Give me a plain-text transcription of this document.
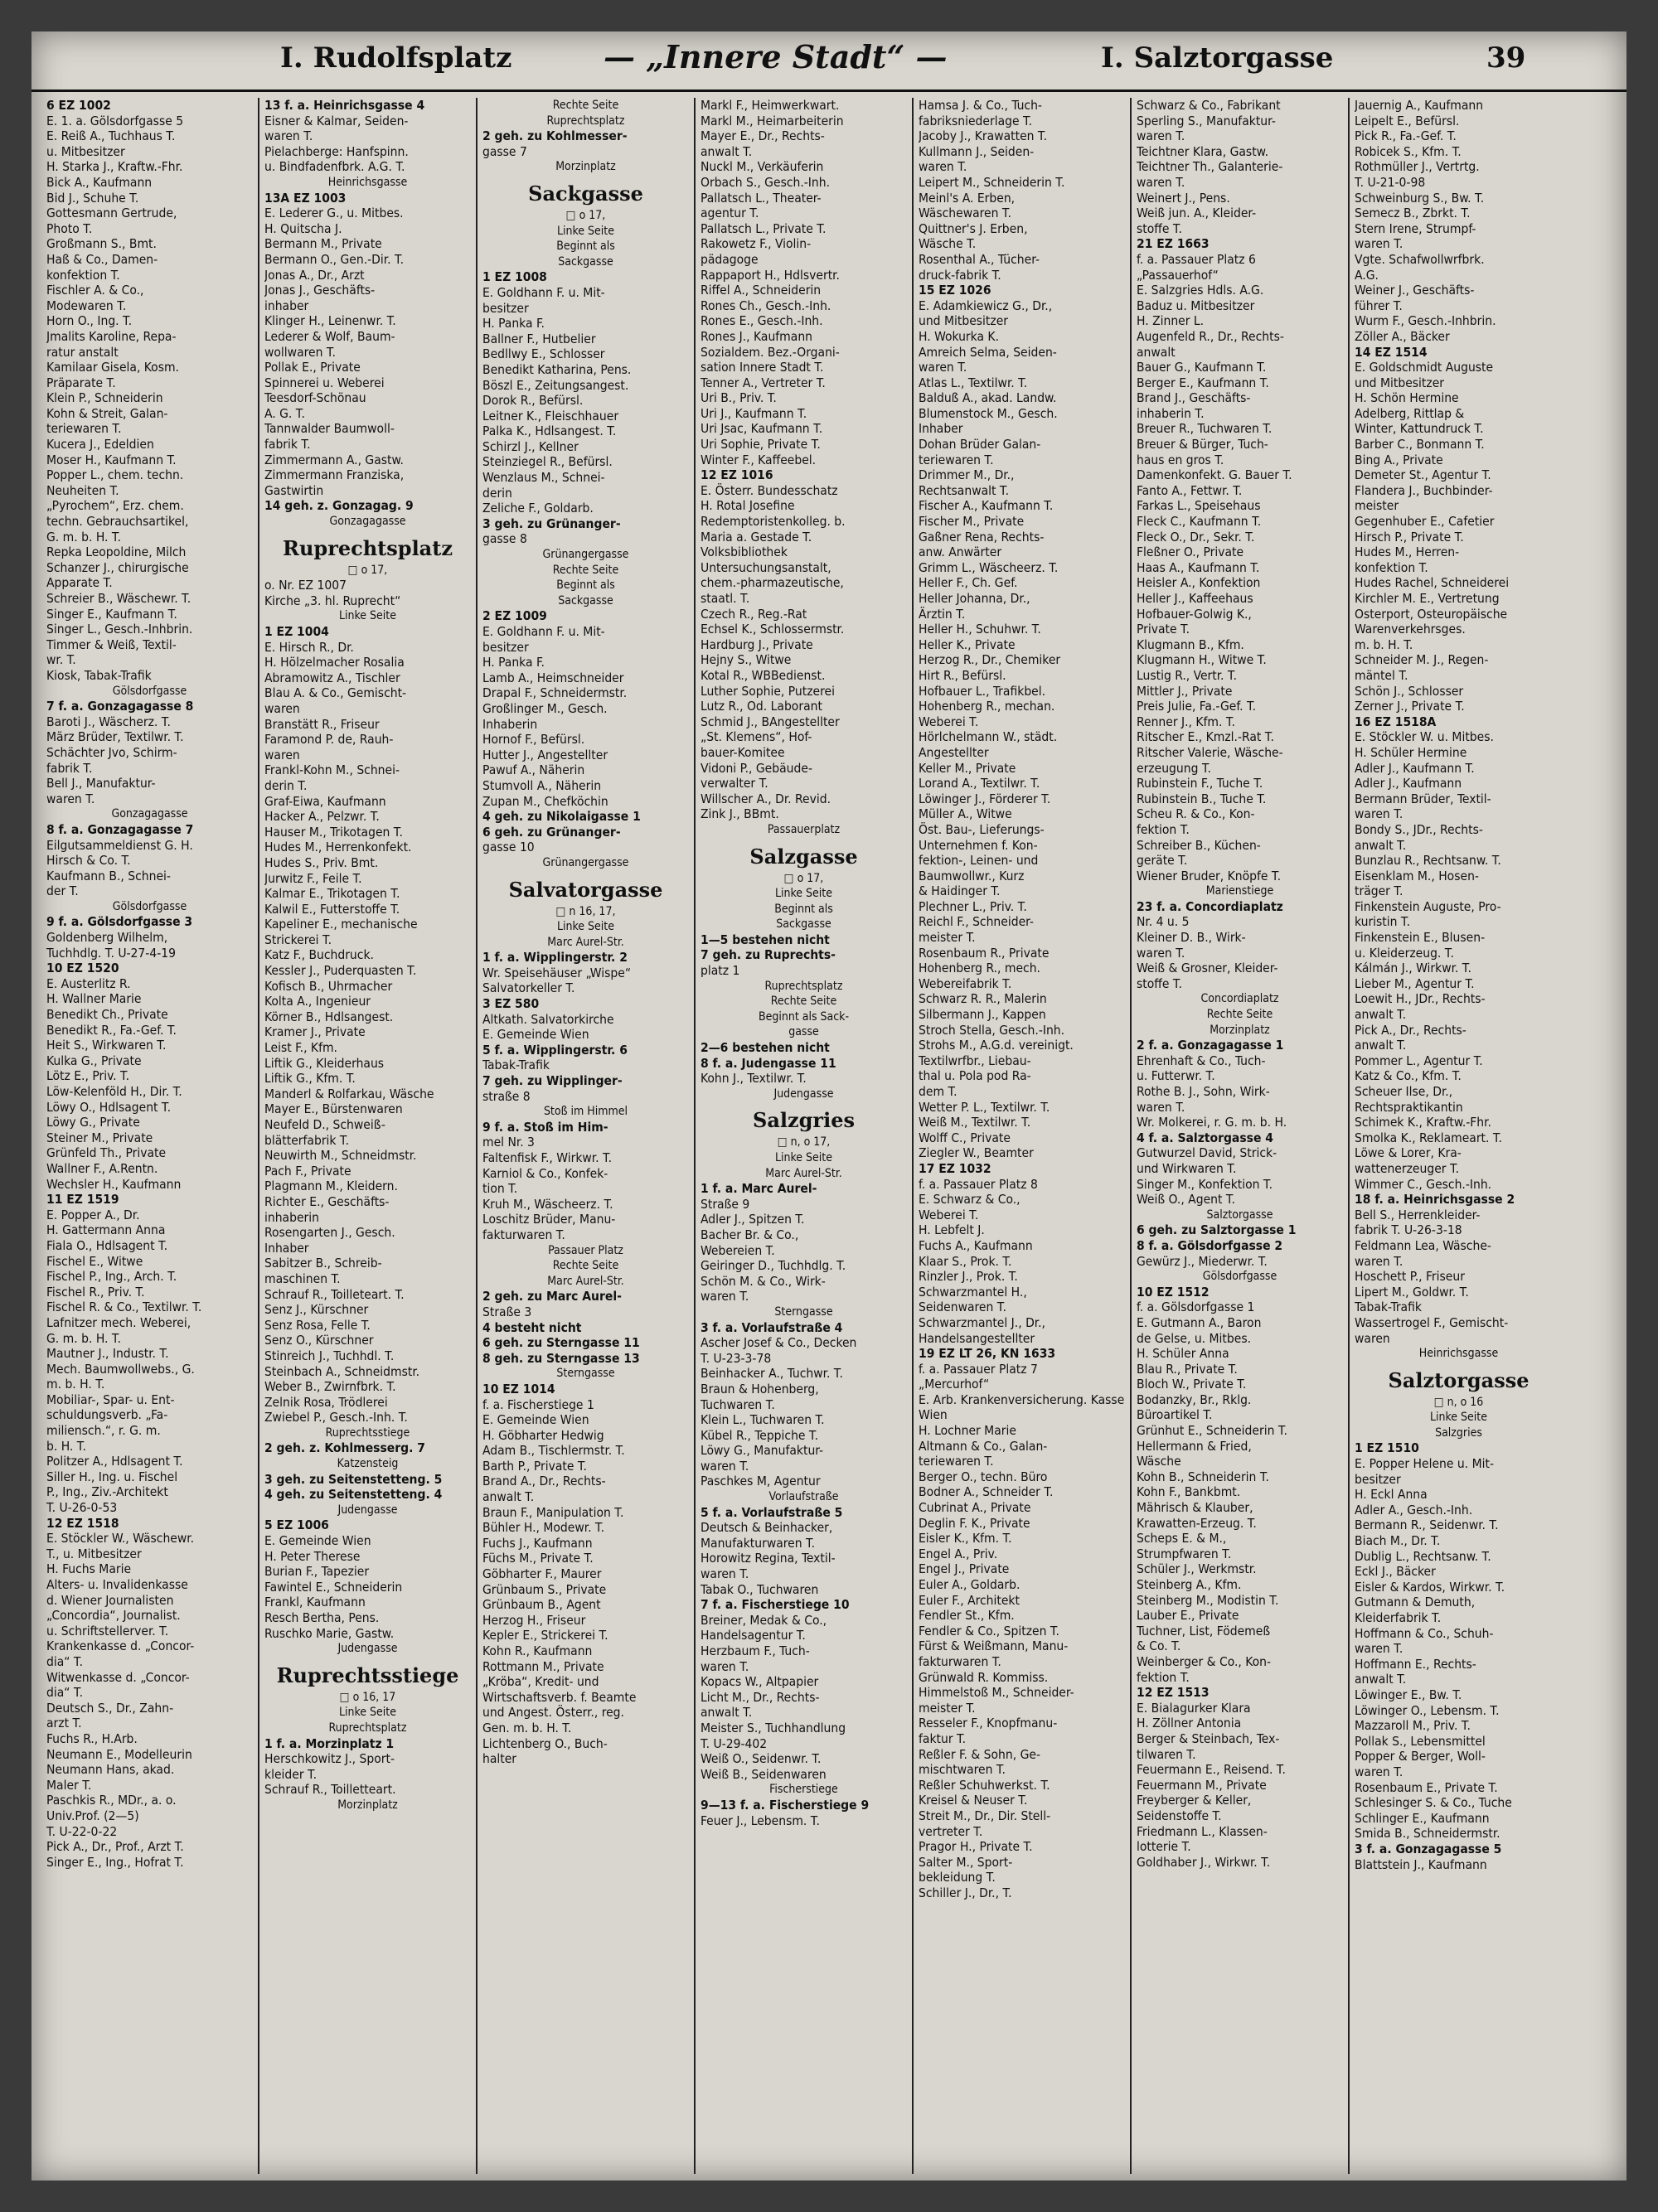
I. Rudolfsplatz	— „Innere Stadt“ —	I. Salztorgasse	39
6 EZ 1002
E. 1. a. Gölsdorfgasse 5
E. Reiß A., Tuchhaus T.
u. Mitbesitzer
H. Starka J., Kraftw.-Fhr.
Bick A., Kaufmann
Bid J., Schuhe T.
Gottesmann Gertrude,
Photo T.
Großmann S., Bmt.
Haß & Co., Damen-
konfektion T.
Fischler A. & Co.,
Modewaren T.
Horn O., Ing. T.
Jmalits Karoline, Repa-
ratur anstalt
Kamilaar Gisela, Kosm.
Präparate T.
Klein P., Schneiderin
Kohn & Streit, Galan-
teriewaren T.
Kucera J., Edeldien
Moser H., Kaufmann T.
Popper L., chem. techn.
Neuheiten T.
„Pyrochem“, Erz. chem.
techn. Gebrauchsartikel,
G. m. b. H. T.
Repka Leopoldine, Milch
Schanzer J., chirurgische
Apparate T.
Schreier B., Wäschewr. T.
Singer E., Kaufmann T.
Singer L., Gesch.-Inhbrin.
Timmer & Weiß, Textil-
wr. T.
Kiosk, Tabak-Trafik
Gölsdorfgasse
7 f. a. Gonzagagasse 8
Baroti J., Wäscherz. T.
März Brüder, Textilwr. T.
Schächter Jvo, Schirm-
fabrik T.
Bell J., Manufaktur-
waren T.
Gonzagagasse
8 f. a. Gonzagagasse 7
Eilgutsammeldienst G. H.
Hirsch & Co. T.
Kaufmann B., Schnei-
der T.
Gölsdorfgasse
9 f. a. Gölsdorfgasse 3
Goldenberg Wilhelm,
Tuchhdlg. T. U-27-4-19
10 EZ 1520
E. Austerlitz R.
H. Wallner Marie
Benedikt Ch., Private
Benedikt R., Fa.-Gef. T.
Heit S., Wirkwaren T.
Kulka G., Private
Lötz E., Priv. T.
Löw-Kelenföld H., Dir. T.
Löwy O., Hdlsagent T.
Löwy G., Private
Steiner M., Private
Grünfeld Th., Private
Wallner F., A.Rentn.
Wechsler H., Kaufmann
11 EZ 1519
E. Popper A., Dr.
H. Gattermann Anna
Fiala O., Hdlsagent T.
Fischel E., Witwe
Fischel P., Ing., Arch. T.
Fischel R., Priv. T.
Fischel R. & Co., Textilwr. T.
Lafnitzer mech. Weberei,
G. m. b. H. T.
Mautner J., Industr. T.
Mech. Baumwollwebs., G.
m. b. H. T.
Mobiliar-, Spar- u. Ent-
schuldungsverb. „Fa-
miliensch.“, r. G. m.
b. H. T.
Politzer A., Hdlsagent T.
Siller H., Ing. u. Fischel
P., Ing., Ziv.-Architekt
T. U-26-0-53
12 EZ 1518
E. Stöckler W., Wäschewr.
T., u. Mitbesitzer
H. Fuchs Marie
Alters- u. Invalidenkasse
d. Wiener Journalisten
„Concordia“, Journalist.
u. Schriftstellerver. T.
Krankenkasse d. „Concor-
dia“ T.
Witwenkasse d. „Concor-
dia“ T.
Deutsch S., Dr., Zahn-
arzt T.
Fuchs R., H.Arb.
Neumann E., Modelleurin
Neumann Hans, akad.
Maler T.
Paschkis R., MDr., a. o.
Univ.Prof. (2—5)
T. U-22-0-22
Pick A., Dr., Prof., Arzt T.
Singer E., Ing., Hofrat T.
13 f. a. Heinrichsgasse 4
Eisner & Kalmar, Seiden-
waren T.
Pielachberge: Hanfspinn.
u. Bindfadenfbrk. A.G. T.
Heinrichsgasse
13A EZ 1003
E. Lederer G., u. Mitbes.
H. Quitscha J.
Bermann M., Private
Bermann O., Gen.-Dir. T.
Jonas A., Dr., Arzt
Jonas J., Geschäfts-
inhaber
Klinger H., Leinenwr. T.
Lederer & Wolf, Baum-
wollwaren T.
Pollak E., Private
Spinnerei u. Weberei
Teesdorf-Schönau
A. G. T.
Tannwalder Baumwoll-
fabrik T.
Zimmermann A., Gastw.
Zimmermann Franziska,
Gastwirtin
14 geh. z. Gonzagag. 9
Gonzagagasse
Ruprechtsplatz
□ o 17,
o. Nr. EZ 1007
Kirche „3. hl. Ruprecht“
Linke Seite
1 EZ 1004
E. Hirsch R., Dr.
H. Hölzelmacher Rosalia
Abramowitz A., Tischler
Blau A. & Co., Gemischt-
waren
Branstätt R., Friseur
Faramond P. de, Rauh-
waren
Frankl-Kohn M., Schnei-
derin T.
Graf-Eiwa, Kaufmann
Hacker A., Pelzwr. T.
Hauser M., Trikotagen T.
Hudes M., Herrenkonfekt.
Hudes S., Priv. Bmt.
Jurwitz F., Feile T.
Kalmar E., Trikotagen T.
Kalwil E., Futterstoffe T.
Kapeliner E., mechanische
Strickerei T.
Katz F., Buchdruck.
Kessler J., Puderquasten T.
Kofisch B., Uhrmacher
Kolta A., Ingenieur
Körner B., Hdlsangest.
Kramer J., Private
Leist F., Kfm.
Liftik G., Kleiderhaus
Liftik G., Kfm. T.
Manderl & Rolfarkau, Wäsche
Mayer E., Bürstenwaren
Neufeld D., Schweiß-
blätterfabrik T.
Neuwirth M., Schneidmstr.
Pach F., Private
Plagmann M., Kleidern.
Richter E., Geschäfts-
inhaberin
Rosengarten J., Gesch.
Inhaber
Sabitzer B., Schreib-
maschinen T.
Schrauf R., Toilleteart. T.
Senz J., Kürschner
Senz Rosa, Felle T.
Senz O., Kürschner
Stinreich J., Tuchhdl. T.
Steinbach A., Schneidmstr.
Weber B., Zwirnfbrk. T.
Zelnik Rosa, Trödlerei
Zwiebel P., Gesch.-Inh. T.
Ruprechtsstiege
2 geh. z. Kohlmesserg. 7
Katzensteig
3 geh. zu Seitenstetteng. 5
4 geh. zu Seitenstetteng. 4
Judengasse
5 EZ 1006
E. Gemeinde Wien
H. Peter Therese
Burian F., Tapezier
Fawintel E., Schneiderin
Frankl, Kaufmann
Resch Bertha, Pens.
Ruschko Marie, Gastw.
Judengasse
Ruprechtsstiege
□ o 16, 17
Linke Seite
Ruprechtsplatz
1 f. a. Morzinplatz 1
Herschkowitz J., Sport-
kleider T.
Schrauf R., Toilletteart.
Morzinplatz
Rechte Seite
Ruprechtsplatz
2 geh. zu Kohlmesser-
gasse 7
Morzinplatz
Sackgasse
□ o 17,
Linke Seite
Beginnt als
Sackgasse
1 EZ 1008
E. Goldhann F. u. Mit-
besitzer
H. Panka F.
Ballner F., Hutbelier
Bedllwy E., Schlosser
Benedikt Katharina, Pens.
Böszl E., Zeitungsangest.
Dorok R., Befürsl.
Leitner K., Fleischhauer
Palka K., Hdlsangest. T.
Schirzl J., Kellner
Steinziegel R., Befürsl.
Wenzlaus M., Schnei-
derin
Zeliche F., Goldarb.
3 geh. zu Grünanger-
gasse 8
Grünangergasse
Rechte Seite
Beginnt als
Sackgasse
2 EZ 1009
E. Goldhann F. u. Mit-
besitzer
H. Panka F.
Lamb A., Heimschneider
Drapal F., Schneidermstr.
Großlinger M., Gesch.
Inhaberin
Hornof F., Befürsl.
Hutter J., Angestellter
Pawuf A., Näherin
Stumvoll A., Näherin
Zupan M., Chefköchin
4 geh. zu Nikolaigasse 1
6 geh. zu Grünanger-
gasse 10
Grünangergasse
Salvatorgasse
□ n 16, 17,
Linke Seite
Marc Aurel-Str.
1 f. a. Wipplingerstr. 2
Wr. Speisehäuser „Wispe“
Salvatorkeller T.
3 EZ 580
Altkath. Salvatorkirche
E. Gemeinde Wien
5 f. a. Wipplingerstr. 6
Tabak-Trafik
7 geh. zu Wipplinger-
straße 8
Stoß im Himmel
9 f. a. Stoß im Him-
mel Nr. 3
Faltenfisk F., Wirkwr. T.
Karniol & Co., Konfek-
tion T.
Kruh M., Wäscheerz. T.
Loschitz Brüder, Manu-
fakturwaren T.
Passauer Platz
Rechte Seite
Marc Aurel-Str.
2 geh. zu Marc Aurel-
Straße 3
4 besteht nicht
6 geh. zu Sterngasse 11
8 geh. zu Sterngasse 13
Sterngasse
10 EZ 1014
f. a. Fischerstiege 1
E. Gemeinde Wien
H. Göbharter Hedwig
Adam B., Tischlermstr. T.
Barth P., Private T.
Brand A., Dr., Rechts-
anwalt T.
Braun F., Manipulation T.
Bühler H., Modewr. T.
Fuchs J., Kaufmann
Füchs M., Private T.
Göbharter F., Maurer
Grünbaum S., Private
Grünbaum B., Agent
Herzog H., Friseur
Kepler E., Strickerei T.
Kohn R., Kaufmann
Rottmann M., Private
„Kröba“, Kredit- und
Wirtschaftsverb. f. Beamte
und Angest. Österr., reg.
Gen. m. b. H. T.
Lichtenberg O., Buch-
halter
Markl F., Heimwerkwart.
Markl M., Heimarbeiterin
Mayer E., Dr., Rechts-
anwalt T.
Nuckl M., Verkäuferin
Orbach S., Gesch.-Inh.
Pallatsch L., Theater-
agentur T.
Pallatsch L., Private T.
Rakowetz F., Violin-
pädagoge
Rappaport H., Hdlsvertr.
Riffel A., Schneiderin
Rones Ch., Gesch.-Inh.
Rones E., Gesch.-Inh.
Rones J., Kaufmann
Sozialdem. Bez.-Organi-
sation Innere Stadt T.
Tenner A., Vertreter T.
Uri B., Priv. T.
Uri J., Kaufmann T.
Uri Jsac, Kaufmann T.
Uri Sophie, Private T.
Winter F., Kaffeebel.
12 EZ 1016
E. Österr. Bundesschatz
H. Rotal Josefine
Redemptoristenkolleg. b.
Maria a. Gestade T.
Volksbibliothek
Untersuchungsanstalt,
chem.-pharmazeutische,
staatl. T.
Czech R., Reg.-Rat
Echsel K., Schlossermstr.
Hardburg J., Private
Hejny S., Witwe
Kotal R., WBBedienst.
Luther Sophie, Putzerei
Lutz R., Od. Laborant
Schmid J., BAngestellter
„St. Klemens“, Hof-
bauer-Komitee
Vidoni P., Gebäude-
verwalter T.
Willscher A., Dr. Revid.
Zink J., BBmt.
Passauerplatz
Salzgasse
□ o 17,
Linke Seite
Beginnt als
Sackgasse
1—5 bestehen nicht
7 geh. zu Ruprechts-
platz 1
Ruprechtsplatz
Rechte Seite
Beginnt als Sack-
gasse
2—6 bestehen nicht
8 f. a. Judengasse 11
Kohn J., Textilwr. T.
Judengasse
Salzgries
□ n, o 17,
Linke Seite
Marc Aurel-Str.
1 f. a. Marc Aurel-
Straße 9
Adler J., Spitzen T.
Bacher Br. & Co.,
Webereien T.
Geiringer D., Tuchhdlg. T.
Schön M. & Co., Wirk-
waren T.
Sterngasse
3 f. a. Vorlaufstraße 4
Ascher Josef & Co., Decken
T. U-23-3-78
Beinhacker A., Tuchwr. T.
Braun & Hohenberg,
Tuchwaren T.
Klein L., Tuchwaren T.
Kübel R., Teppiche T.
Löwy G., Manufaktur-
waren T.
Paschkes M, Agentur
Vorlaufstraße
5 f. a. Vorlaufstraße 5
Deutsch & Beinhacker,
Manufakturwaren T.
Horowitz Regina, Textil-
waren T.
Tabak O., Tuchwaren
7 f. a. Fischerstiege 10
Breiner, Medak & Co.,
Handelsagentur T.
Herzbaum F., Tuch-
waren T.
Kopacs W., Altpapier
Licht M., Dr., Rechts-
anwalt T.
Meister S., Tuchhandlung
T. U-29-402
Weiß O., Seidenwr. T.
Weiß B., Seidenwaren
Fischerstiege
9—13 f. a. Fischerstiege 9
Feuer J., Lebensm. T.
Hamsa J. & Co., Tuch-
fabriksniederlage T.
Jacoby J., Krawatten T.
Kullmann J., Seiden-
waren T.
Leipert M., Schneiderin T.
Meinl's A. Erben,
Wäschewaren T.
Quittner's J. Erben,
Wäsche T.
Rosenthal A., Tücher-
druck-fabrik T.
15 EZ 1026
E. Adamkiewicz G., Dr.,
und Mitbesitzer
H. Wokurka K.
Amreich Selma, Seiden-
waren T.
Atlas L., Textilwr. T.
Balduß A., akad. Landw.
Blumenstock M., Gesch.
Inhaber
Dohan Brüder Galan-
teriewaren T.
Drimmer M., Dr.,
Rechtsanwalt T.
Fischer A., Kaufmann T.
Fischer M., Private
Gaßner Rena, Rechts-
anw. Anwärter
Grimm L., Wäscheerz. T.
Heller F., Ch. Gef.
Heller Johanna, Dr.,
Ärztin T.
Heller H., Schuhwr. T.
Heller K., Private
Herzog R., Dr., Chemiker
Hirt R., Befürsl.
Hofbauer L., Trafikbel.
Hohenberg R., mechan.
Weberei T.
Hörlchelmann W., städt.
Angestellter
Keller M., Private
Lorand A., Textilwr. T.
Löwinger J., Förderer T.
Müller A., Witwe
Öst. Bau-, Lieferungs-
Unternehmen f. Kon-
fektion-, Leinen- und
Baumwollwr., Kurz
& Haidinger T.
Plechner L., Priv. T.
Reichl F., Schneider-
meister T.
Rosenbaum R., Private
Hohenberg R., mech.
Webereifabrik T.
Schwarz R. R., Malerin
Silbermann J., Kappen
Stroch Stella, Gesch.-Inh.
Strohs M., A.G.d. vereinigt.
Textilwrfbr., Liebau-
thal u. Pola pod Ra-
dem T.
Wetter P. L., Textilwr. T.
Weiß M., Textilwr. T.
Wolff C., Private
Ziegler W., Beamter
17 EZ 1032
f. a. Passauer Platz 8
E. Schwarz & Co.,
Weberei T.
H. Lebfelt J.
Fuchs A., Kaufmann
Klaar S., Prok. T.
Rinzler J., Prok. T.
Schwarzmantel H.,
Seidenwaren T.
Schwarzmantel J., Dr.,
Handelsangestellter
19 EZ LT 26, KN 1633
f. a. Passauer Platz 7
„Mercurhof“
E. Arb. Krankenversicherung. Kasse
Wien
H. Lochner Marie
Altmann & Co., Galan-
teriewaren T.
Berger O., techn. Büro
Bodner A., Schneider T.
Cubrinat A., Private
Deglin F. K., Private
Eisler K., Kfm. T.
Engel A., Priv.
Engel J., Private
Euler A., Goldarb.
Euler F., Architekt
Fendler St., Kfm.
Fendler & Co., Spitzen T.
Fürst & Weißmann, Manu-
fakturwaren T.
Grünwald R. Kommiss.
Himmelstoß M., Schneider-
meister T.
Resseler F., Knopfmanu-
faktur T.
Reßler F. & Sohn, Ge-
mischtwaren T.
Reßler Schuhwerkst. T.
Kreisel & Neuser T.
Streit M., Dr., Dir. Stell-
vertreter T.
Pragor H., Private T.
Salter M., Sport-
bekleidung T.
Schiller J., Dr., T.
Schwarz & Co., Fabrikant
Sperling S., Manufaktur-
waren T.
Teichtner Klara, Gastw.
Teichtner Th., Galanterie-
waren T.
Weinert J., Pens.
Weiß jun. A., Kleider-
stoffe T.
21 EZ 1663
f. a. Passauer Platz 6
„Passauerhof“
E. Salzgries Hdls. A.G.
Baduz u. Mitbesitzer
H. Zinner L.
Augenfeld R., Dr., Rechts-
anwalt
Bauer G., Kaufmann T.
Berger E., Kaufmann T.
Brand J., Geschäfts-
inhaberin T.
Breuer R., Tuchwaren T.
Breuer & Bürger, Tuch-
haus en gros T.
Damenkonfekt. G. Bauer T.
Fanto A., Fettwr. T.
Farkas L., Speisehaus
Fleck C., Kaufmann T.
Fleck O., Dr., Sekr. T.
Fleßner O., Private
Haas A., Kaufmann T.
Heisler A., Konfektion
Heller J., Kaffeehaus
Hofbauer-Golwig K.,
Private T.
Klugmann B., Kfm.
Klugmann H., Witwe T.
Lustig R., Vertr. T.
Mittler J., Private
Preis Julie, Fa.-Gef. T.
Renner J., Kfm. T.
Ritscher E., Kmzl.-Rat T.
Ritscher Valerie, Wäsche-
erzeugung T.
Rubinstein F., Tuche T.
Rubinstein B., Tuche T.
Scheu R. & Co., Kon-
fektion T.
Schreiber B., Küchen-
geräte T.
Wiener Bruder, Knöpfe T.
Marienstiege
23 f. a. Concordiaplatz
Nr. 4 u. 5
Kleiner D. B., Wirk-
waren T.
Weiß & Grosner, Kleider-
stoffe T.
Concordiaplatz
Rechte Seite
Morzinplatz
2 f. a. Gonzagagasse 1
Ehrenhaft & Co., Tuch-
u. Futterwr. T.
Rothe B. J., Sohn, Wirk-
waren T.
Wr. Molkerei, r. G. m. b. H.
4 f. a. Salztorgasse 4
Gutwurzel David, Strick-
und Wirkwaren T.
Singer M., Konfektion T.
Weiß O., Agent T.
Salztorgasse
6 geh. zu Salztorgasse 1
8 f. a. Gölsdorfgasse 2
Gewürz J., Miederwr. T.
Gölsdorfgasse
10 EZ 1512
f. a. Gölsdorfgasse 1
E. Gutmann A., Baron
de Gelse, u. Mitbes.
H. Schüler Anna
Blau R., Private T.
Bloch W., Private T.
Bodanzky, Br., Rklg.
Büroartikel T.
Grünhut E., Schneiderin T.
Hellermann & Fried,
Wäsche
Kohn B., Schneiderin T.
Kohn F., Bankbmt.
Mährisch & Klauber,
Krawatten-Erzeug. T.
Scheps E. & M.,
Strumpfwaren T.
Schüler J., Werkmstr.
Steinberg A., Kfm.
Steinberg M., Modistin T.
Lauber E., Private
Tuchner, List, Födemeß
& Co. T.
Weinberger & Co., Kon-
fektion T.
12 EZ 1513
E. Bialagurker Klara
H. Zöllner Antonia
Berger & Steinbach, Tex-
tilwaren T.
Feuermann E., Reisend. T.
Feuermann M., Private
Freyberger & Keller,
Seidenstoffe T.
Friedmann L., Klassen-
lotterie T.
Goldhaber J., Wirkwr. T.
Jauernig A., Kaufmann
Leipelt E., Befürsl.
Pick R., Fa.-Gef. T.
Robicek S., Kfm. T.
Rothmüller J., Vertrtg.
T. U-21-0-98
Schweinburg S., Bw. T.
Semecz B., Zbrkt. T.
Stern Irene, Strumpf-
waren T.
Vgte. Schafwollwrfbrk.
A.G.
Weiner J., Geschäfts-
führer T.
Wurm F., Gesch.-Inhbrin.
Zöller A., Bäcker
14 EZ 1514
E. Goldschmidt Auguste
und Mitbesitzer
H. Schön Hermine
Adelberg, Rittlap &
Winter, Kattundruck T.
Barber C., Bonmann T.
Bing A., Private
Demeter St., Agentur T.
Flandera J., Buchbinder-
meister
Gegenhuber E., Cafetier
Hirsch P., Private T.
Hudes M., Herren-
konfektion T.
Hudes Rachel, Schneiderei
Kirchler M. E., Vertretung
Osterport, Osteuropäische
Warenverkehrsges.
m. b. H. T.
Schneider M. J., Regen-
mäntel T.
Schön J., Schlosser
Zerner J., Private T.
16 EZ 1518A
E. Stöckler W. u. Mitbes.
H. Schüler Hermine
Adler J., Kaufmann T.
Adler J., Kaufmann
Bermann Brüder, Textil-
waren T.
Bondy S., JDr., Rechts-
anwalt T.
Bunzlau R., Rechtsanw. T.
Eisenklam M., Hosen-
träger T.
Finkenstein Auguste, Pro-
kuristin T.
Finkenstein E., Blusen-
u. Kleiderzeug. T.
Kálmán J., Wirkwr. T.
Lieber M., Agentur T.
Loewit H., JDr., Rechts-
anwalt T.
Pick A., Dr., Rechts-
anwalt T.
Pommer L., Agentur T.
Katz & Co., Kfm. T.
Scheuer Ilse, Dr.,
Rechtspraktikantin
Schimek K., Kraftw.-Fhr.
Smolka K., Reklameart. T.
Löwe & Lorer, Kra-
wattenerzeuger T.
Wimmer C., Gesch.-Inh.
18 f. a. Heinrichsgasse 2
Bell S., Herrenkleider-
fabrik T. U-26-3-18
Feldmann Lea, Wäsche-
waren T.
Hoschett P., Friseur
Lipert M., Goldwr. T.
Tabak-Trafik
Wassertrogel F., Gemischt-
waren
Heinrichsgasse
Salztorgasse
□ n, o 16
Linke Seite
Salzgries
1 EZ 1510
E. Popper Helene u. Mit-
besitzer
H. Eckl Anna
Adler A., Gesch.-Inh.
Bermann R., Seidenwr. T.
Biach M., Dr. T.
Dublig L., Rechtsanw. T.
Eckl J., Bäcker
Eisler & Kardos, Wirkwr. T.
Gutmann & Demuth,
Kleiderfabrik T.
Hoffmann & Co., Schuh-
waren T.
Hoffmann E., Rechts-
anwalt T.
Löwinger E., Bw. T.
Löwinger O., Lebensm. T.
Mazzaroll M., Priv. T.
Pollak S., Lebensmittel
Popper & Berger, Woll-
waren T.
Rosenbaum E., Private T.
Schlesinger S. & Co., Tuche
Schlinger E., Kaufmann
Smida B., Schneidermstr.
3 f. a. Gonzagagasse 5
Blattstein J., Kaufmann
